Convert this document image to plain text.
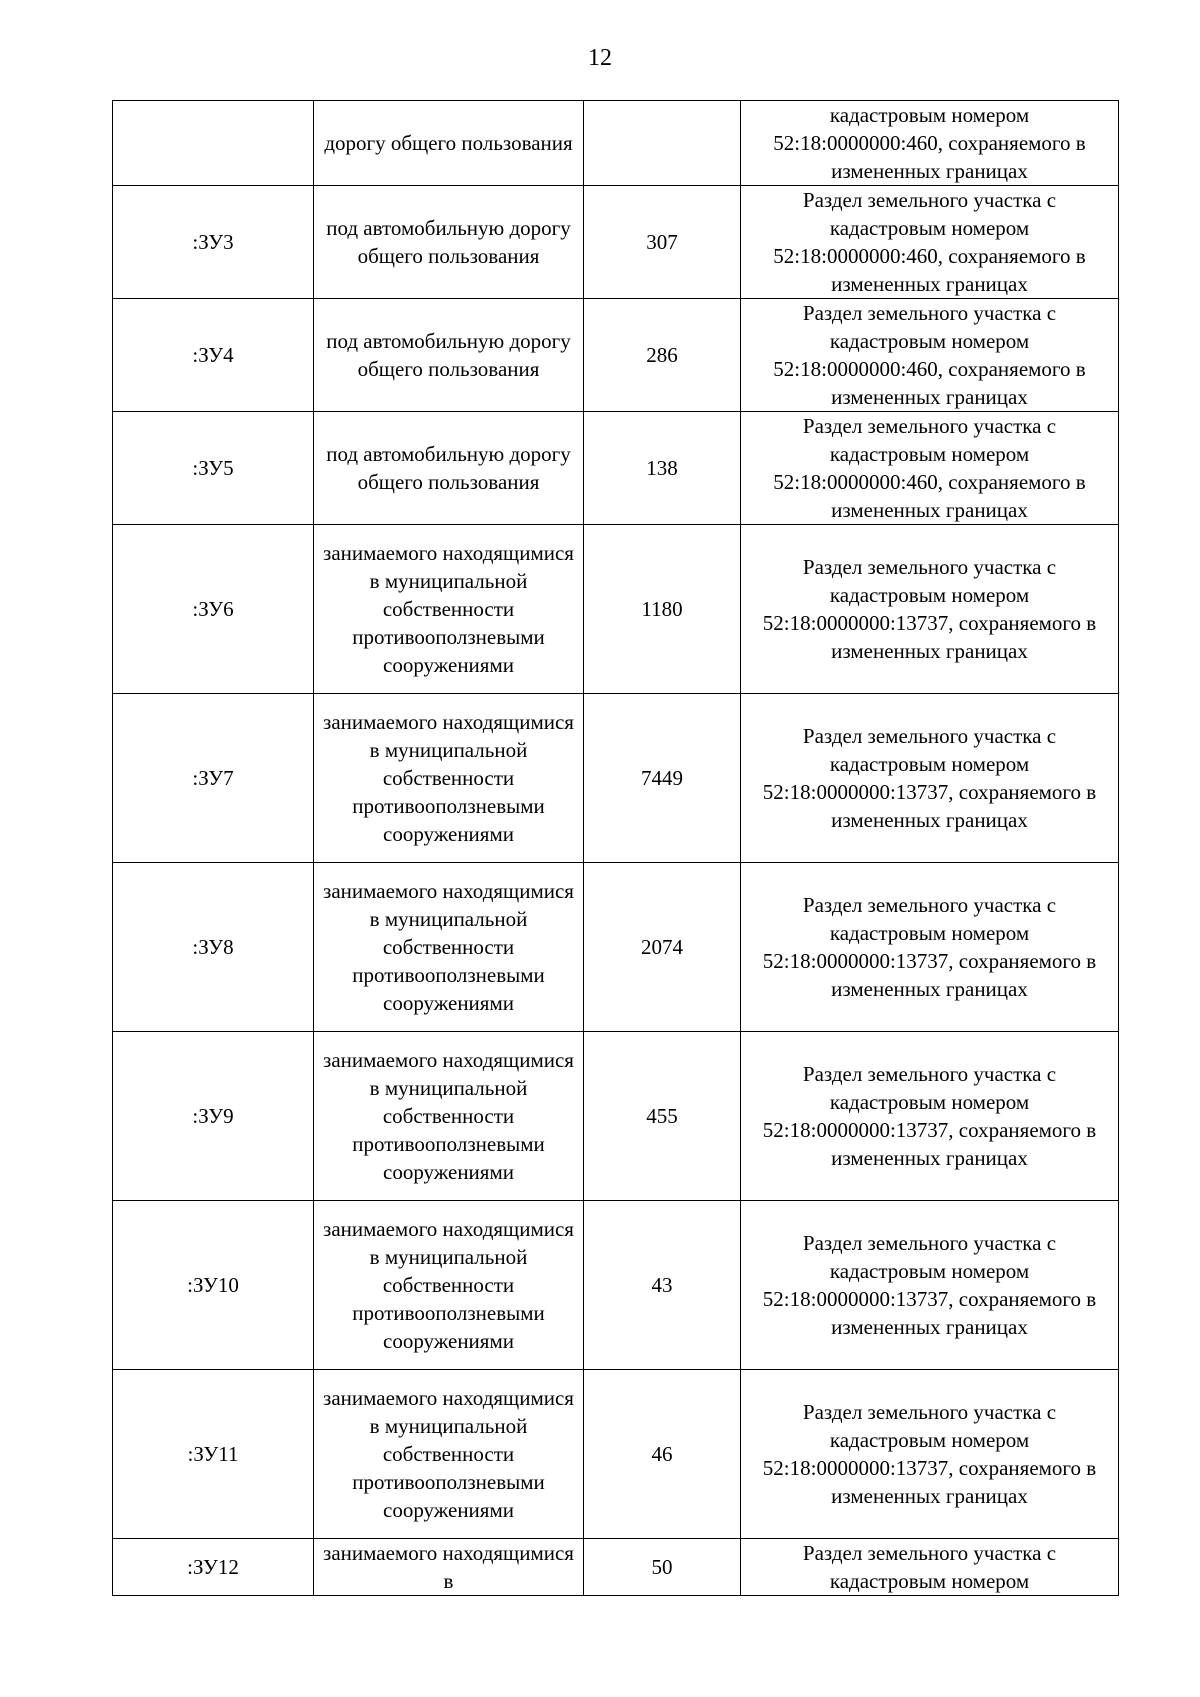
12
	дорогу общего пользования		кадастровым номером 52:18:0000000:460, сохраняемого в измененных границах
:ЗУ3	под автомобильную дорогу общего пользования	307	Раздел земельного участка с кадастровым номером 52:18:0000000:460, сохраняемого в измененных границах
:ЗУ4	под автомобильную дорогу общего пользования	286	Раздел земельного участка с кадастровым номером 52:18:0000000:460, сохраняемого в измененных границах
:ЗУ5	под автомобильную дорогу общего пользования	138	Раздел земельного участка с кадастровым номером 52:18:0000000:460, сохраняемого в измененных границах
:ЗУ6	занимаемого находящимися в муниципальной собственности противооползневыми сооружениями	1180	Раздел земельного участка с кадастровым номером 52:18:0000000:13737, сохраняемого в измененных границах
:ЗУ7	занимаемого находящимися в муниципальной собственности противооползневыми сооружениями	7449	Раздел земельного участка с кадастровым номером 52:18:0000000:13737, сохраняемого в измененных границах
:ЗУ8	занимаемого находящимися в муниципальной собственности противооползневыми сооружениями	2074	Раздел земельного участка с кадастровым номером 52:18:0000000:13737, сохраняемого в измененных границах
:ЗУ9	занимаемого находящимися в муниципальной собственности противооползневыми сооружениями	455	Раздел земельного участка с кадастровым номером 52:18:0000000:13737, сохраняемого в измененных границах
:ЗУ10	занимаемого находящимися в муниципальной собственности противооползневыми сооружениями	43	Раздел земельного участка с кадастровым номером 52:18:0000000:13737, сохраняемого в измененных границах
:ЗУ11	занимаемого находящимися в муниципальной собственности противооползневыми сооружениями	46	Раздел земельного участка с кадастровым номером 52:18:0000000:13737, сохраняемого в измененных границах
:ЗУ12	занимаемого находящимися в	50	Раздел земельного участка с кадастровым номером
